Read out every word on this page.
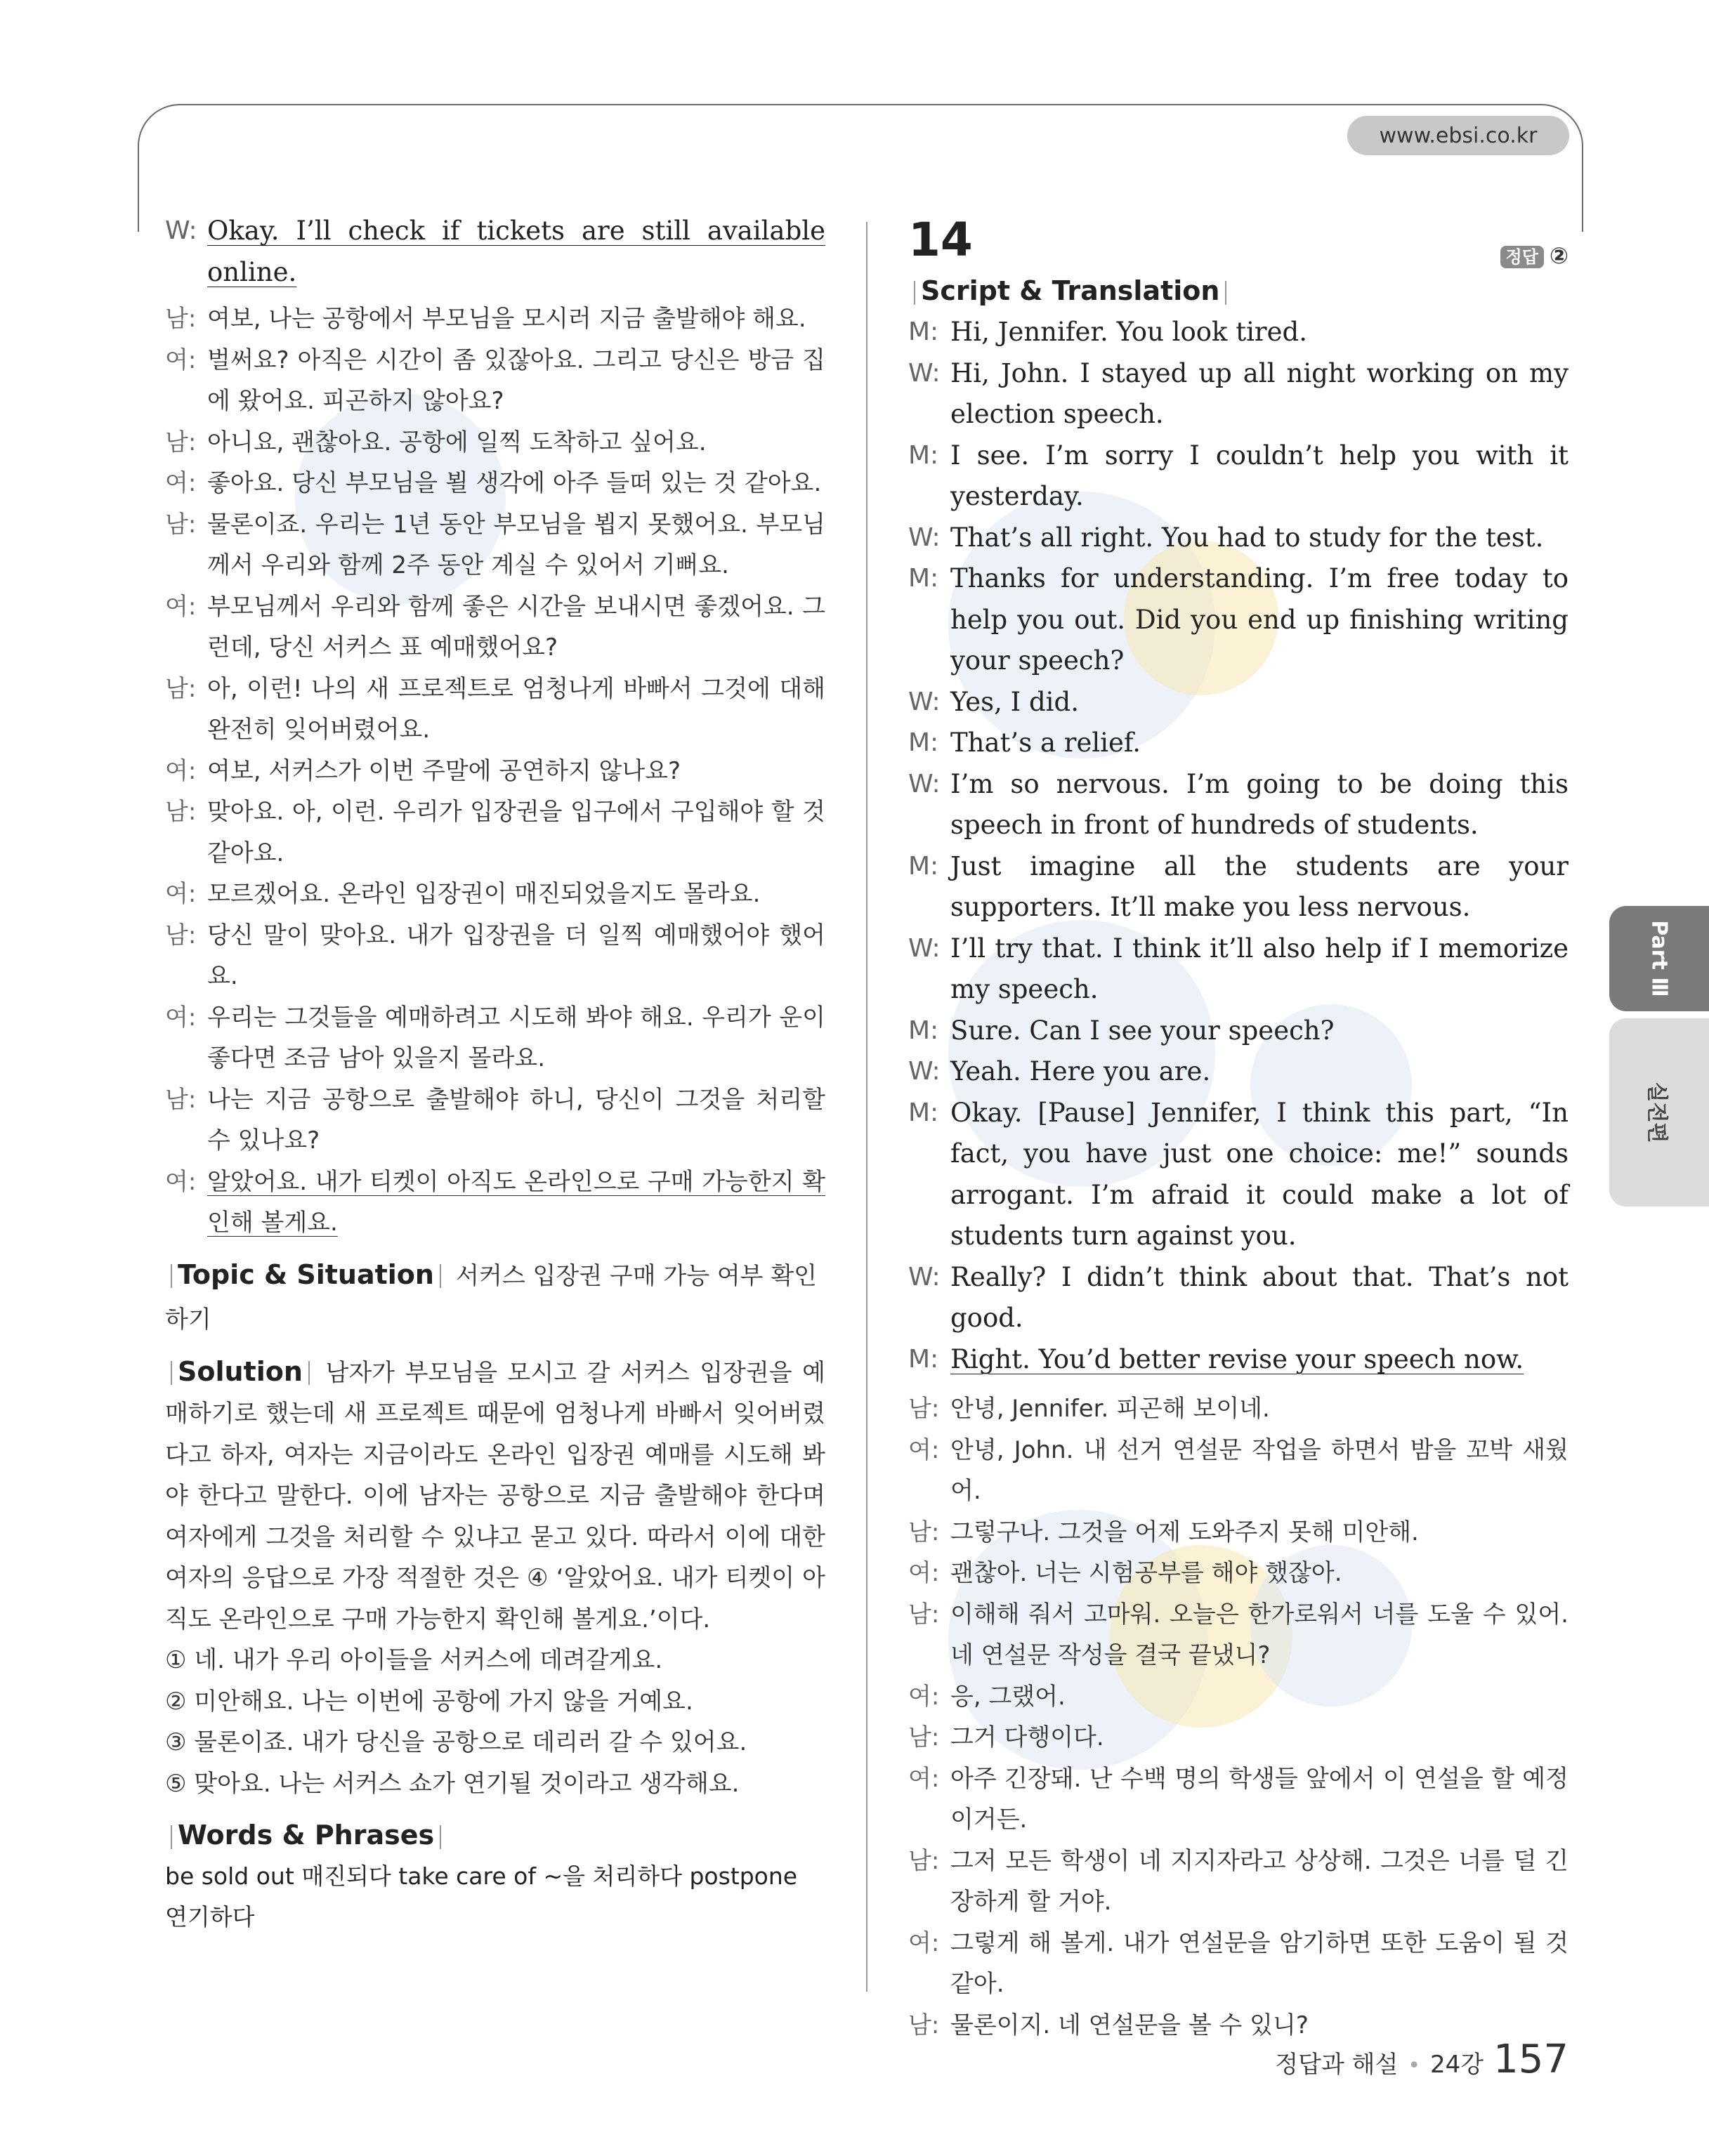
www.ebsi.co.kr
W: Okay. I’ll check if tickets are still available online.
남: 여보, 나는 공항에서 부모님을 모시러 지금 출발해야 해요.
여: 벌써요? 아직은 시간이 좀 있잖아요. 그리고 당신은 방금 집에 왔어요. 피곤하지 않아요?
남: 아니요, 괜찮아요. 공항에 일찍 도착하고 싶어요.
여: 좋아요. 당신 부모님을 뵐 생각에 아주 들떠 있는 것 같아요.
남: 물론이죠. 우리는 1년 동안 부모님을 뵙지 못했어요. 부모님께서 우리와 함께 2주 동안 계실 수 있어서 기뻐요.
여: 부모님께서 우리와 함께 좋은 시간을 보내시면 좋겠어요. 그런데, 당신 서커스 표 예매했어요?
남: 아, 이런! 나의 새 프로젝트로 엄청나게 바빠서 그것에 대해 완전히 잊어버렸어요.
여: 여보, 서커스가 이번 주말에 공연하지 않나요?
남: 맞아요. 아, 이런. 우리가 입장권을 입구에서 구입해야 할 것 같아요.
여: 모르겠어요. 온라인 입장권이 매진되었을지도 몰라요.
남: 당신 말이 맞아요. 내가 입장권을 더 일찍 예매했어야 했어요.
여: 우리는 그것들을 예매하려고 시도해 봐야 해요. 우리가 운이 좋다면 조금 남아 있을지 몰라요.
남: 나는 지금 공항으로 출발해야 하니, 당신이 그것을 처리할 수 있나요?
여: 알았어요. 내가 티켓이 아직도 온라인으로 구매 가능한지 확인해 볼게요.
Topic & Situation 서커스 입장권 구매 가능 여부 확인하기
Solution 남자가 부모님을 모시고 갈 서커스 입장권을 예매하기로 했는데 새 프로젝트 때문에 엄청나게 바빠서 잊어버렸다고 하자, 여자는 지금이라도 온라인 입장권 예매를 시도해 봐야 한다고 말한다. 이에 남자는 공항으로 지금 출발해야 한다며 여자에게 그것을 처리할 수 있냐고 묻고 있다. 따라서 이에 대한 여자의 응답으로 가장 적절한 것은 ④ ‘알았어요. 내가 티켓이 아직도 온라인으로 구매 가능한지 확인해 볼게요.’이다.
① 네. 내가 우리 아이들을 서커스에 데려갈게요.
② 미안해요. 나는 이번에 공항에 가지 않을 거예요.
③ 물론이죠. 내가 당신을 공항으로 데리러 갈 수 있어요.
⑤ 맞아요. 나는 서커스 쇼가 연기될 것이라고 생각해요.
Words & Phrases
be sold out 매진되다 take care of ~을 처리하다 postpone 연기하다
14	정답 ②
Script & Translation
M: Hi, Jennifer. You look tired.
W: Hi, John. I stayed up all night working on my election speech.
M: I see. I’m sorry I couldn’t help you with it yesterday.
W: That’s all right. You had to study for the test.
M: Thanks for understanding. I’m free today to help you out. Did you end up finishing writing your speech?
W: Yes, I did.
M: That’s a relief.
W: I’m so nervous. I’m going to be doing this speech in front of hundreds of students.
M: Just imagine all the students are your supporters. It’ll make you less nervous.
W: I’ll try that. I think it’ll also help if I memorize my speech.
M: Sure. Can I see your speech?
W: Yeah. Here you are.
M: Okay. [Pause] Jennifer, I think this part, “In fact, you have just one choice: me!” sounds arrogant. I’m afraid it could make a lot of students turn against you.
W: Really? I didn’t think about that. That’s not good.
M: Right. You’d better revise your speech now.
남: 안녕, Jennifer. 피곤해 보이네.
여: 안녕, John. 내 선거 연설문 작업을 하면서 밤을 꼬박 새웠어.
남: 그렇구나. 그것을 어제 도와주지 못해 미안해.
여: 괜찮아. 너는 시험공부를 해야 했잖아.
남: 이해해 줘서 고마워. 오늘은 한가로워서 너를 도울 수 있어. 네 연설문 작성을 결국 끝냈니?
여: 응, 그랬어.
남: 그거 다행이다.
여: 아주 긴장돼. 난 수백 명의 학생들 앞에서 이 연설을 할 예정이거든.
남: 그저 모든 학생이 네 지지자라고 상상해. 그것은 너를 덜 긴장하게 할 거야.
여: 그렇게 해 볼게. 내가 연설문을 암기하면 또한 도움이 될 것 같아.
남: 물론이지. 네 연설문을 볼 수 있니?
Part Ⅲ
실전편
정답과 해설 • 24강 157
